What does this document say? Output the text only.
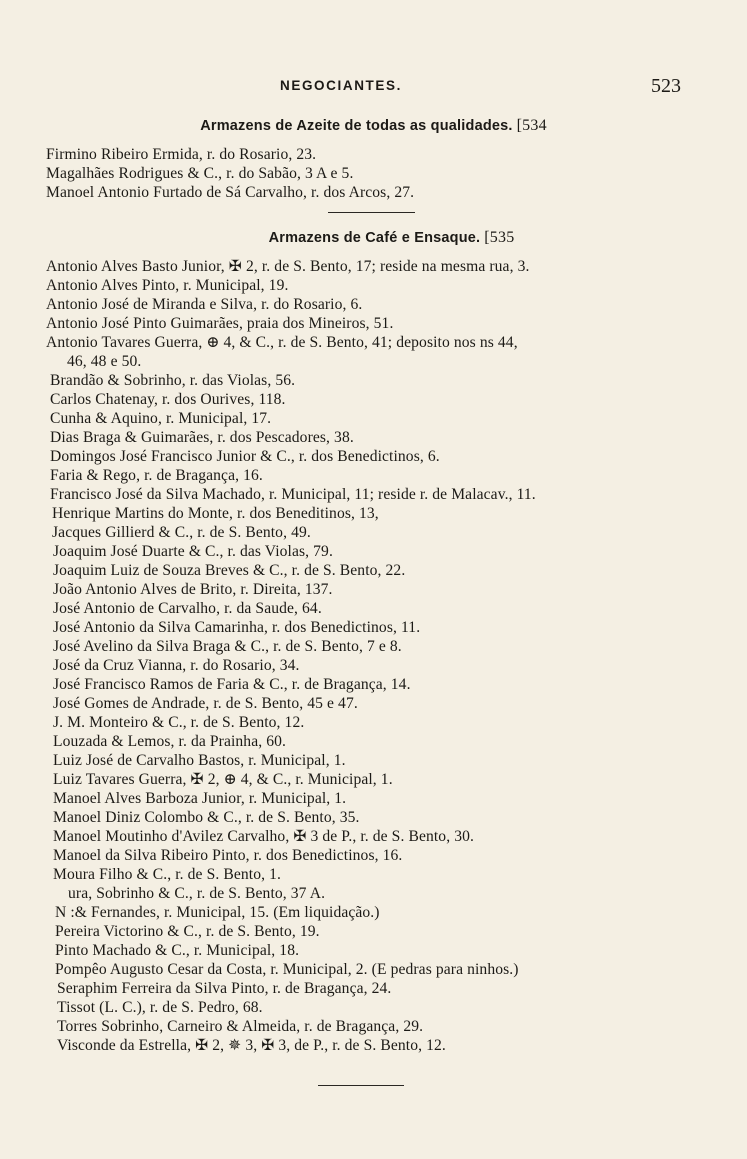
NEGOCIANTES.	523
Armazens de Azeite de todas as qualidades. [534
Firmino Ribeiro Ermida, r. do Rosario, 23.
Magalhães Rodrigues & C., r. do Sabão, 3 A e 5.
Manoel Antonio Furtado de Sá Carvalho, r. dos Arcos, 27.
Armazens de Café e Ensaque. [535
Antonio Alves Basto Junior, ✠ 2, r. de S. Bento, 17; reside na mesma rua, 3.
Antonio Alves Pinto, r. Municipal, 19.
Antonio José de Miranda e Silva, r. do Rosario, 6.
Antonio José Pinto Guimarães, praia dos Mineiros, 51.
Antonio Tavares Guerra, ⊕ 4, & C., r. de S. Bento, 41; deposito nos ns 44,
46, 48 e 50.
Brandão & Sobrinho, r. das Violas, 56.
Carlos Chatenay, r. dos Ourives, 118.
Cunha & Aquino, r. Municipal, 17.
Dias Braga & Guimarães, r. dos Pescadores, 38.
Domingos José Francisco Junior & C., r. dos Benedictinos, 6.
Faria & Rego, r. de Bragança, 16.
Francisco José da Silva Machado, r. Municipal, 11; reside r. de Malacav., 11.
Henrique Martins do Monte, r. dos Beneditinos, 13,
Jacques Gillierd & C., r. de S. Bento, 49.
Joaquim José Duarte & C., r. das Violas, 79.
Joaquim Luiz de Souza Breves & C., r. de S. Bento, 22.
João Antonio Alves de Brito, r. Direita, 137.
José Antonio de Carvalho, r. da Saude, 64.
José Antonio da Silva Camarinha, r. dos Benedictinos, 11.
José Avelino da Silva Braga & C., r. de S. Bento, 7 e 8.
José da Cruz Vianna, r. do Rosario, 34.
José Francisco Ramos de Faria & C., r. de Bragança, 14.
José Gomes de Andrade, r. de S. Bento, 45 e 47.
J. M. Monteiro & C., r. de S. Bento, 12.
Louzada & Lemos, r. da Prainha, 60.
Luiz José de Carvalho Bastos, r. Municipal, 1.
Luiz Tavares Guerra, ✠ 2, ⊕ 4, & C., r. Municipal, 1.
Manoel Alves Barboza Junior, r. Municipal, 1.
Manoel Diniz Colombo & C., r. de S. Bento, 35.
Manoel Moutinho d'Avilez Carvalho, ✠ 3 de P., r. de S. Bento, 30.
Manoel da Silva Ribeiro Pinto, r. dos Benedictinos, 16.
Moura Filho & C., r. de S. Bento, 1.
ura, Sobrinho & C., r. de S. Bento, 37 A.
N :& Fernandes, r. Municipal, 15. (Em liquidação.)
Pereira Victorino & C., r. de S. Bento, 19.
Pinto Machado & C., r. Municipal, 18.
Pompêo Augusto Cesar da Costa, r. Municipal, 2. (E pedras para ninhos.)
Seraphim Ferreira da Silva Pinto, r. de Bragança, 24.
Tissot (L. C.), r. de S. Pedro, 68.
Torres Sobrinho, Carneiro & Almeida, r. de Bragança, 29.
Visconde da Estrella, ✠ 2, ✵ 3, ✠ 3, de P., r. de S. Bento, 12.
